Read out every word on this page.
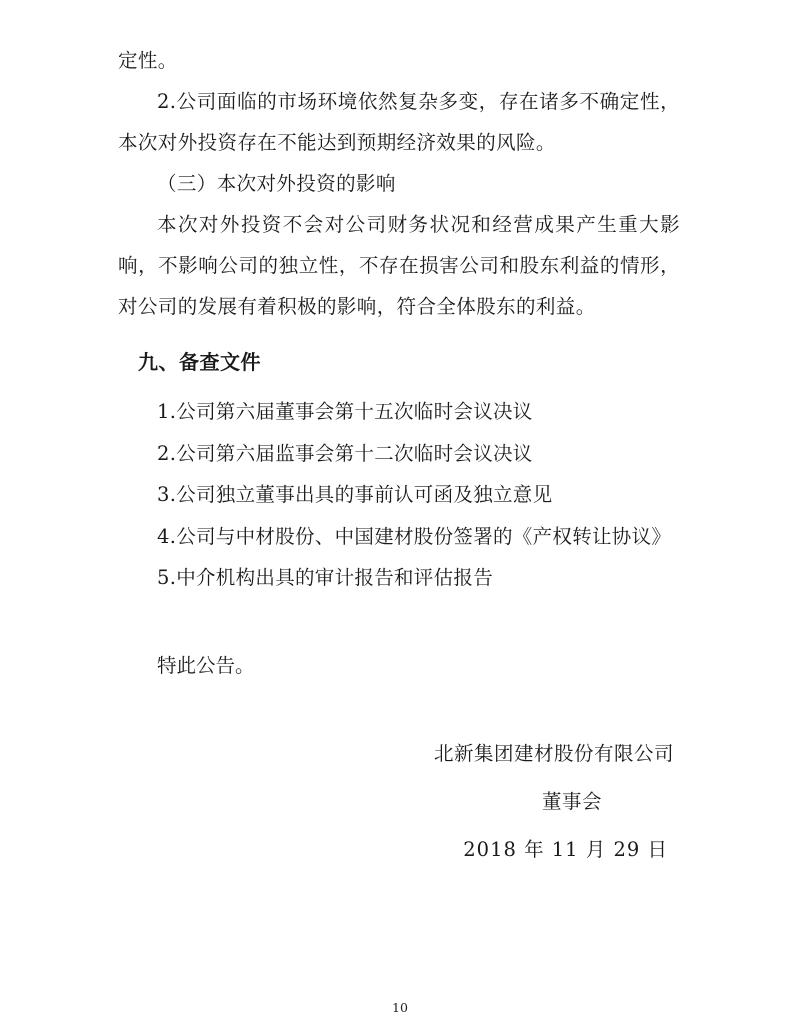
定性。

2.公司面临的市场环境依然复杂多变，存在诸多不确定性，本次对外投资存在不能达到预期经济效果的风险。

（三）本次对外投资的影响

本次对外投资不会对公司财务状况和经营成果产生重大影响，不影响公司的独立性，不存在损害公司和股东利益的情形，对公司的发展有着积极的影响，符合全体股东的利益。

九、备查文件

1.公司第六届董事会第十五次临时会议决议

2.公司第六届监事会第十二次临时会议决议

3.公司独立董事出具的事前认可函及独立意见

4.公司与中材股份、中国建材股份签署的《产权转让协议》

5.中介机构出具的审计报告和评估报告

特此公告。

北新集团建材股份有限公司
董事会
2018 年 11 月 29 日
10
